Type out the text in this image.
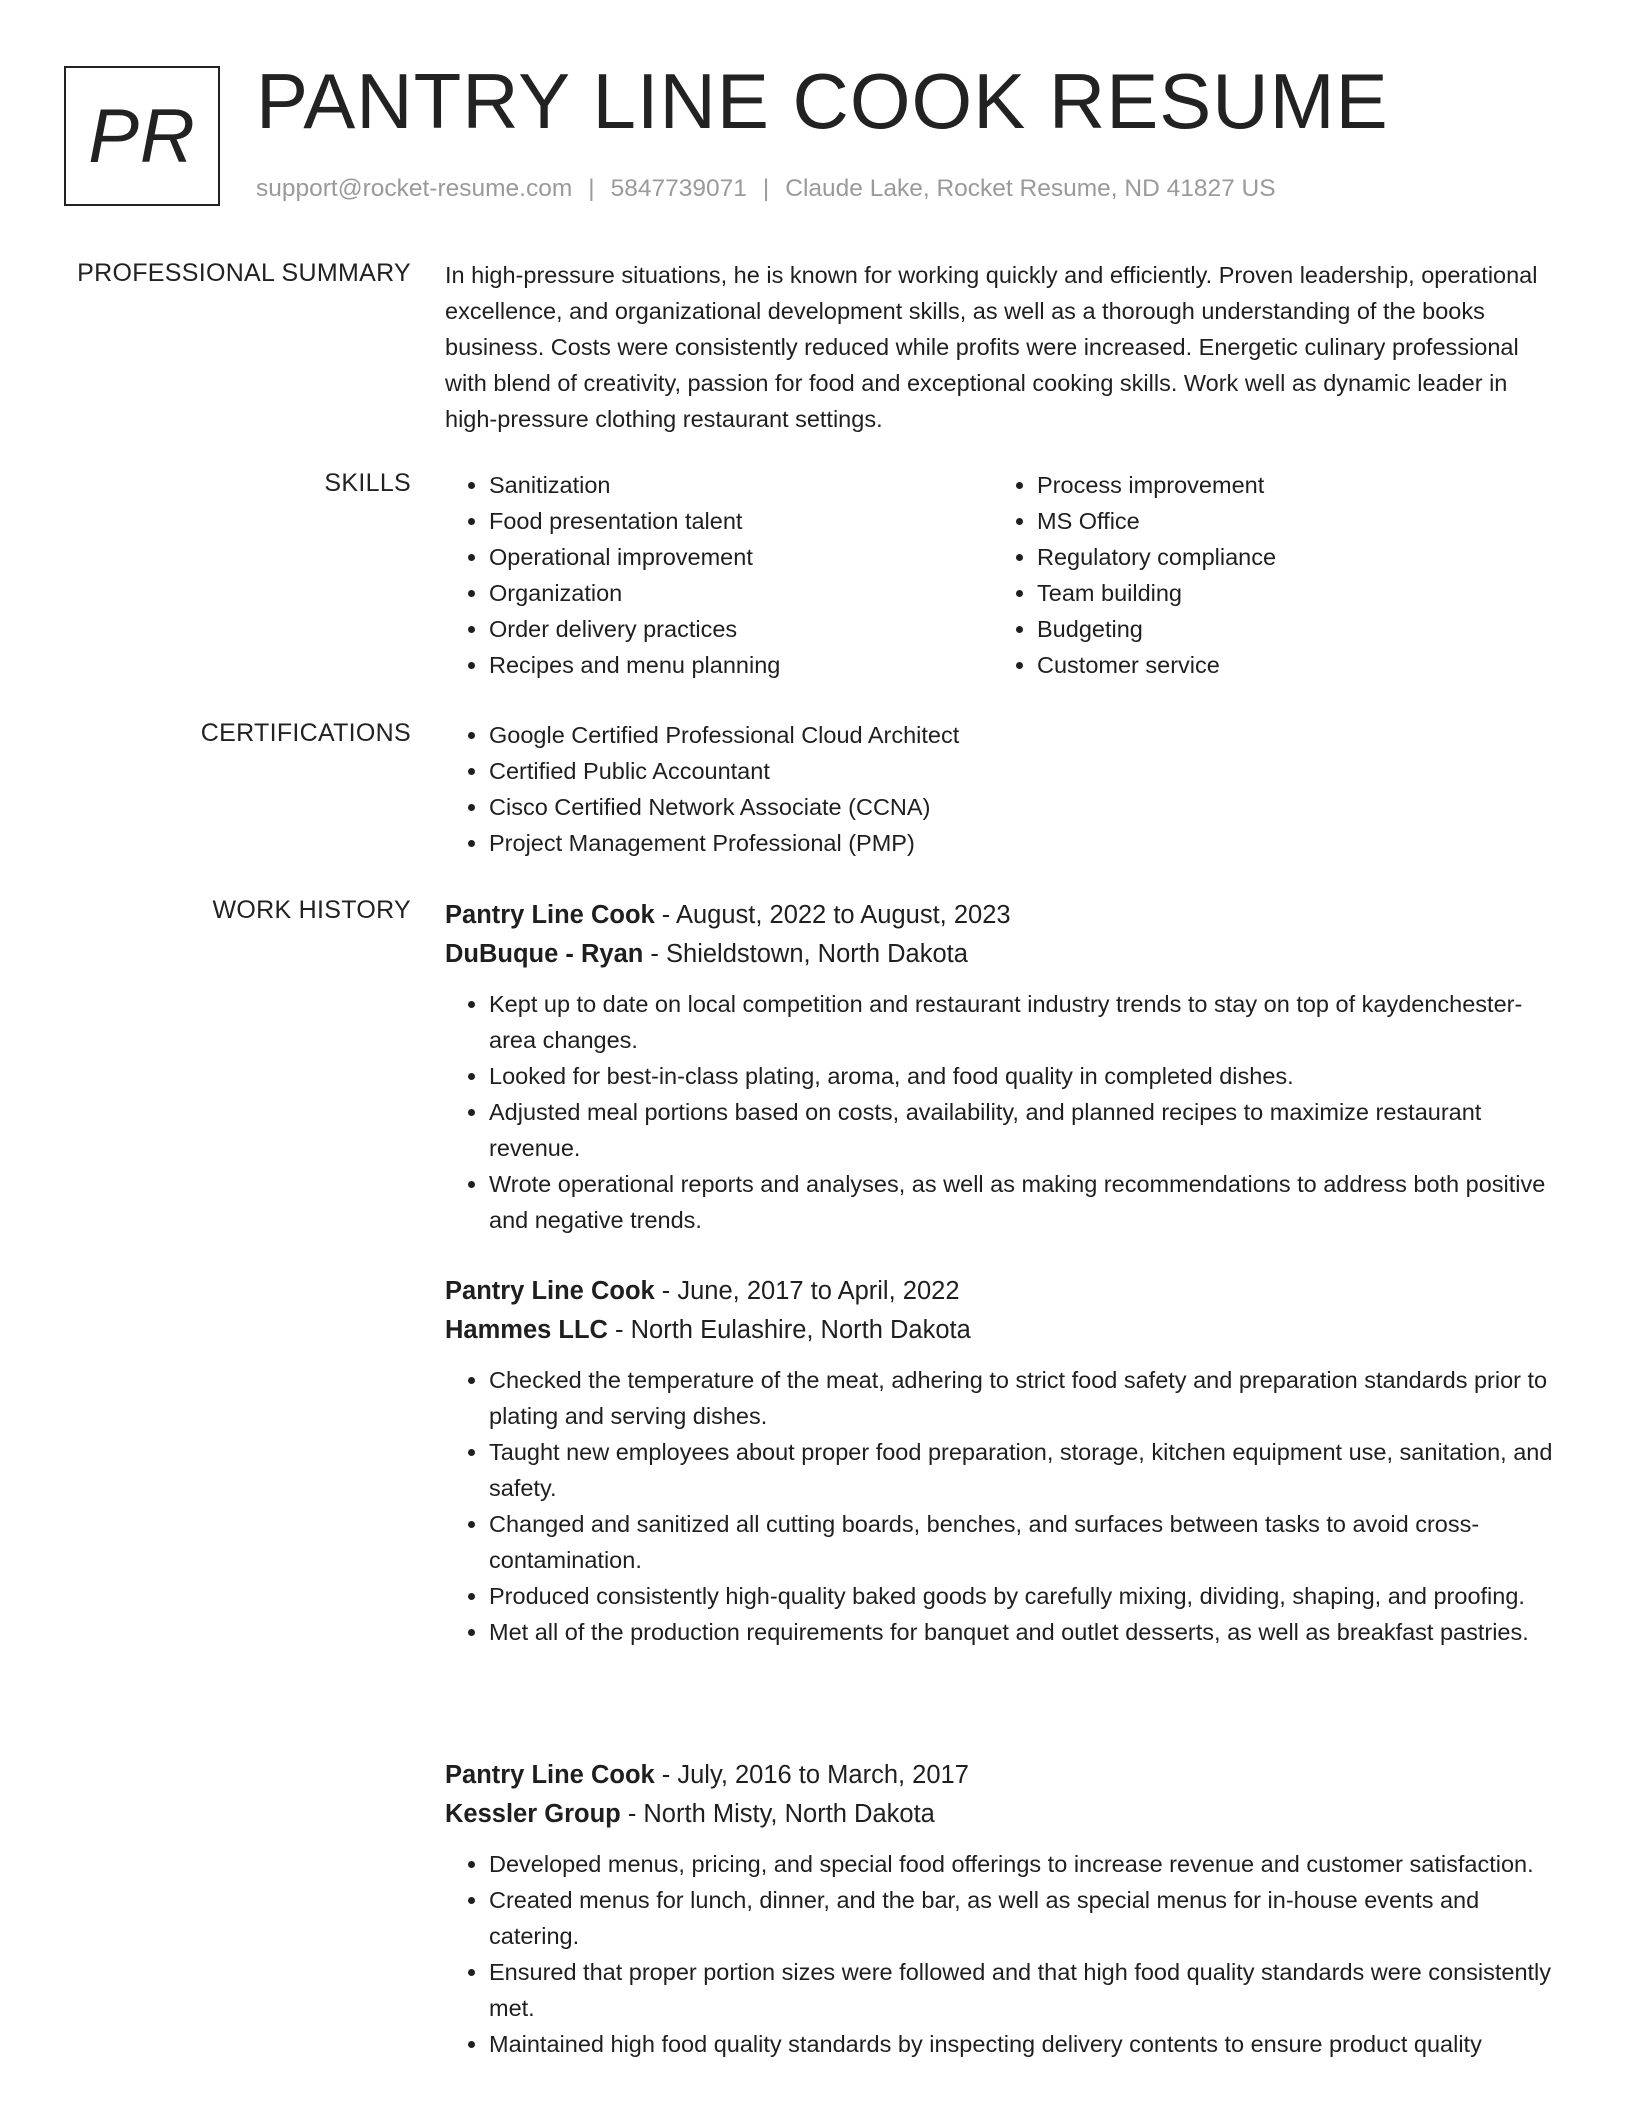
PR PANTRY LINE COOK RESUME
support@rocket-resume.com | 5847739071 | Claude Lake, Rocket Resume, ND 41827 US
PROFESSIONAL SUMMARY In high-pressure situations, he is known for working quickly and efficiently. Proven leadership, operational excellence, and organizational development skills, as well as a thorough understanding of the books business. Costs were consistently reduced while profits were increased. Energetic culinary professional with blend of creativity, passion for food and exceptional cooking skills. Work well as dynamic leader in high-pressure clothing restaurant settings.

SKILLS	• Sanitization
• Food presentation talent
• Operational improvement
• Organization
• Order delivery practices
• Recipes and menu planning
• Process improvement
• MS Office
• Regulatory compliance
• Team building
• Budgeting
• Customer service
CERTIFICATIONS	• Google Certified Professional Cloud Architect
• Certified Public Accountant
• Cisco Certified Network Associate (CCNA)
• Project Management Professional (PMP)
WORK HISTORY Pantry Line Cook - August, 2022 to August, 2023
DuBuque - Ryan - Shieldstown, North Dakota
• Kept up to date on local competition and restaurant industry trends to stay on top of kaydenchester-area changes.
• Looked for best-in-class plating, aroma, and food quality in completed dishes.
• Adjusted meal portions based on costs, availability, and planned recipes to maximize restaurant revenue.
• Wrote operational reports and analyses, as well as making recommendations to address both positive and negative trends.
Pantry Line Cook - June, 2017 to April, 2022
Hammes LLC - North Eulashire, North Dakota
• Checked the temperature of the meat, adhering to strict food safety and preparation standards prior to plating and serving dishes.
• Taught new employees about proper food preparation, storage, kitchen equipment use, sanitation, and safety.
• Changed and sanitized all cutting boards, benches, and surfaces between tasks to avoid cross-contamination.
• Produced consistently high-quality baked goods by carefully mixing, dividing, shaping, and proofing.
• Met all of the production requirements for banquet and outlet desserts, as well as breakfast pastries.
Pantry Line Cook - July, 2016 to March, 2017
Kessler Group - North Misty, North Dakota
• Developed menus, pricing, and special food offerings to increase revenue and customer satisfaction.
• Created menus for lunch, dinner, and the bar, as well as special menus for in-house events and catering.
• Ensured that proper portion sizes were followed and that high food quality standards were consistently met.
• Maintained high food quality standards by inspecting delivery contents to ensure product quality
